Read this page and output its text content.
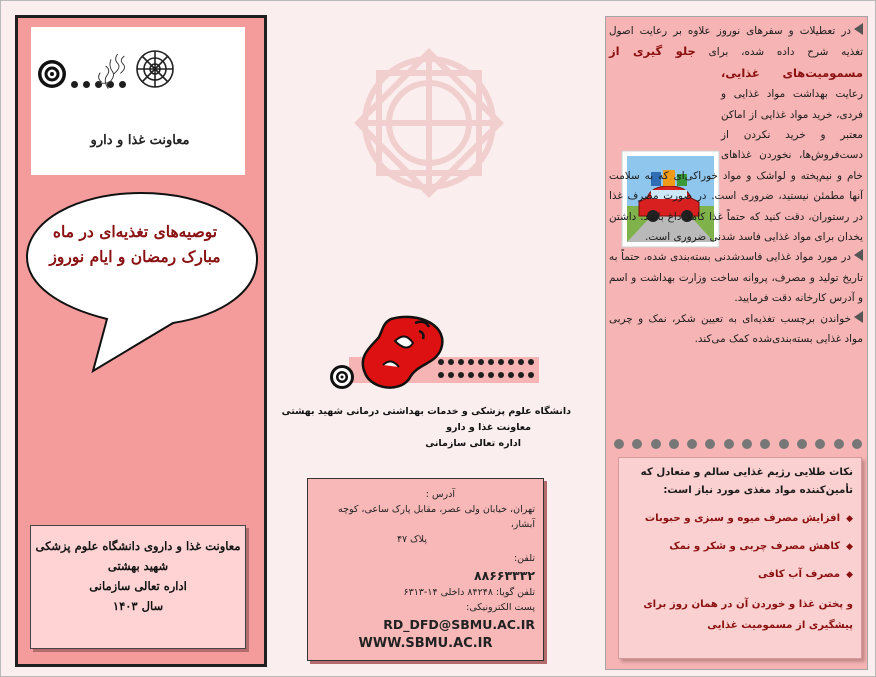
معاونت غذا و دارو
توصیه‌های تغذیه‌ای در ماه
مبارک رمضان و ایام نوروز
معاونت غذا و داروی دانشگاه علوم پزشکی
شهید بهشتی
اداره تعالی سازمانی
سال ۱۴۰۳
دانشگاه علوم پزشکی و خدمات بهداشتی درمانی شهید بهشتی
معاونت غذا و دارو
اداره تعالی سازمانی
آدرس :
تهران، خیابان ولی عصر، مقابل پارک ساعی، کوچه آبشار،
پلاک ۴۷
تلفن:
۸۸۶۶۳۳۳۲
تلفن گویا: ۸۴۲۴۸ داخلی ۱۴-۶۳۱۳
پست الکترونیکی: RD_DFD@SBMU.AC.IR
WWW.SBMU.AC.IR
در تعطیلات و سفرهای نوروز علاوه بر رعایت اصول تغذیه شرح داده شده، برای جلو گیری از مسمومیت‌های غذایی،
رعایت بهداشت مواد غذایی و فردی، خرید مواد غذایی از اماکن معتبر و خرید نکردن از دست‌فروش‌ها، نخوردن غذاهای خام و نیم‌پخته و لواشک و مواد خوراکی‌ای که به سلامت آنها مطمئن نیستید، ضروری است. در صورت مصرف غذا در رستوران، دقت کنید که حتماً غذا کاملاً داغ باشد. داشتن یخدان برای مواد غذایی فاسد شدنی ضروری است.
در مورد مواد غذایی فاسدشدنی بسته‌بندی شده، حتماً به تاریخ تولید و مصرف، پروانه ساخت وزارت بهداشت و اسم و آدرس کارخانه دقت فرمایید.
خواندن برچسب تغذیه‌ای به تعیین شکر، نمک و چربی مواد غذایی بسته‌بندی‌شده کمک می‌کند.
نکات طلایی رژیم غذایی سالم و متعادل که تأمین‌کننده مواد مغذی مورد نیاز است:
◆افزایش مصرف میوه و سبزی و حبوبات
◆کاهش مصرف چربی و شکر و نمک
◆مصرف آب کافی
و پختن غذا و خوردن آن در همان روز برای پیشگیری از مسمومیت غذایی
